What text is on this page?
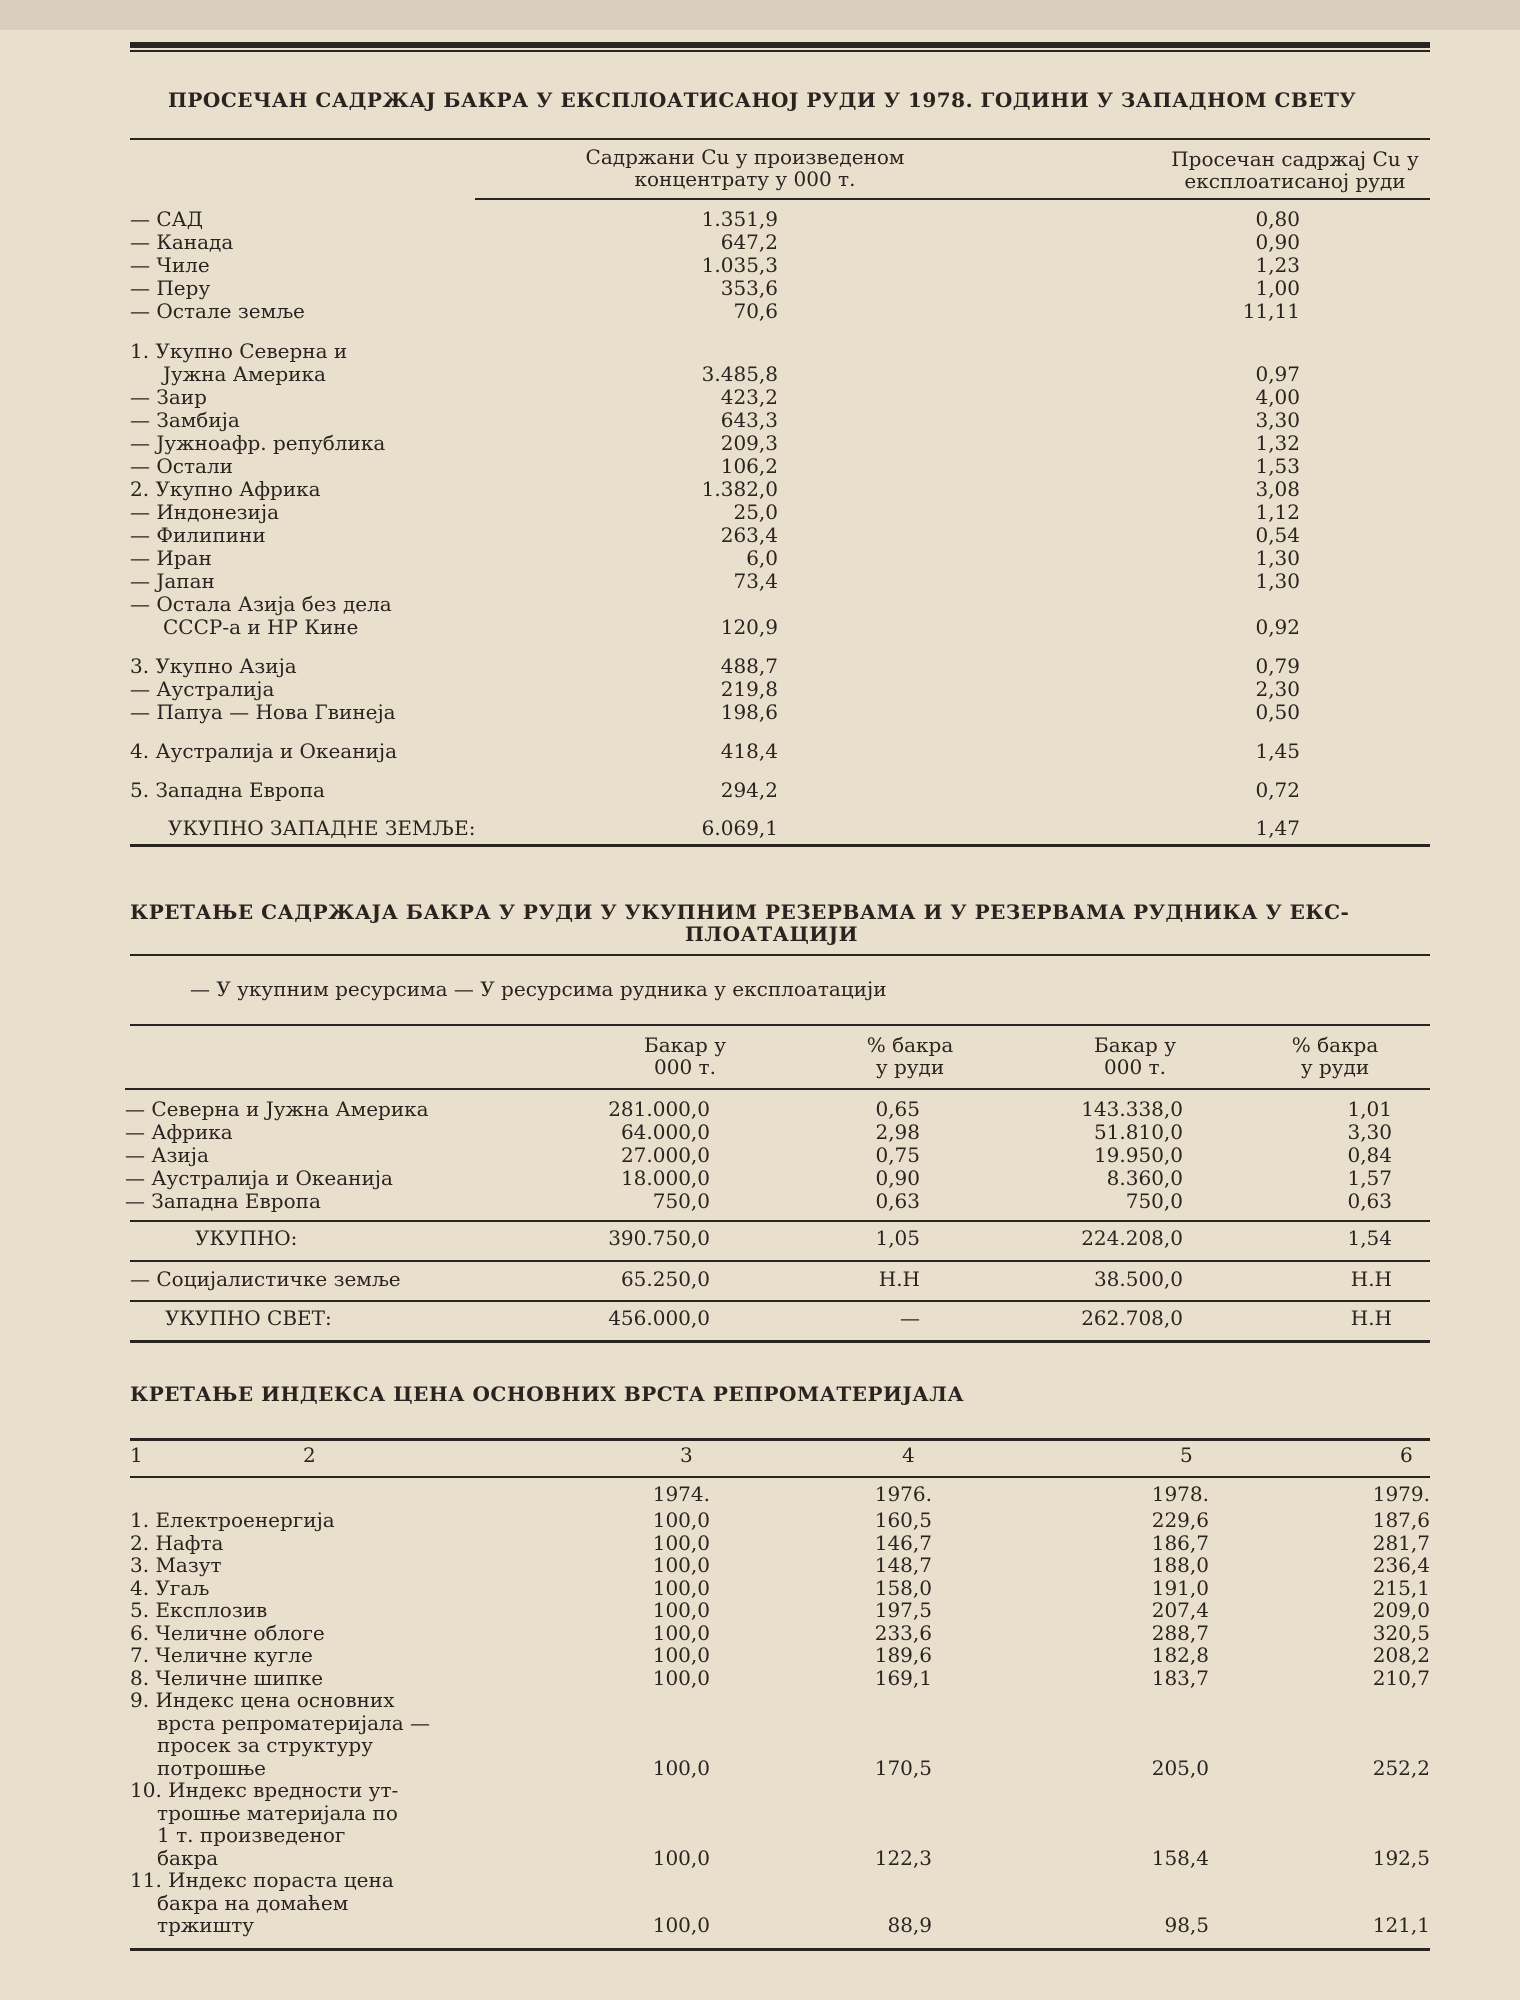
ПРОСЕЧАН САДРЖАЈ БАКРА У ЕКСПЛОАТИСАНОЈ РУДИ У 1978. ГОДИНИ У ЗАПАДНОМ СВЕТУ
Садржани Cu у произведеном
концентрату у 000 т.
Просечан садржај Cu у
експлоатисаној руди
— САД	1.351,9	0,80
— Канада	647,2	0,90
— Чиле	1.035,3	1,23
— Перу	353,6	1,00
— Остале земље	70,6	11,11
1. Укупно Северна и
Јужна Америка	3.485,8	0,97
— Заир	423,2	4,00
— Замбија	643,3	3,30
— Јужноафр. република	209,3	1,32
— Остали	106,2	1,53
2. Укупно Африка	1.382,0	3,08
— Индонезија	25,0	1,12
— Филипини	263,4	0,54
— Иран	6,0	1,30
— Јапан	73,4	1,30
— Остала Азија без дела
СССР-а и НР Кине	120,9	0,92
3. Укупно Азија	488,7	0,79
— Аустралија	219,8	2,30
— Папуа — Нова Гвинеја	198,6	0,50
4. Аустралија и Океанија	418,4	1,45
5. Западна Европа	294,2	0,72
УКУПНО ЗАПАДНЕ ЗЕМЉЕ:	6.069,1	1,47
КРЕТАЊЕ САДРЖАЈА БАКРА У РУДИ У УКУПНИМ РЕЗЕРВАМА И У РЕЗЕРВАМА РУДНИКА У ЕКС-
ПЛОАТАЦИЈИ
— У укупним ресурсима — У ресурсима рудника у експлоатацији
Бакар у
000 т.
% бакра
у руди
Бакар у
000 т.
% бакра
у руди
— Северна и Јужна Америка	281.000,0	0,65	143.338,0	1,01
— Африка	64.000,0	2,98	51.810,0	3,30
— Азија	27.000,0	0,75	19.950,0	0,84
— Аустралија и Океанија	18.000,0	0,90	8.360,0	1,57
— Западна Европа	750,0	0,63	750,0	0,63
УКУПНО:	390.750,0	1,05	224.208,0	1,54
— Социјалистичке земље	65.250,0	Н.Н	38.500,0	Н.Н
УКУПНО СВЕТ:	456.000,0	—	262.708,0	Н.Н
КРЕТАЊЕ ИНДЕКСА ЦЕНА ОСНОВНИХ ВРСТА РЕПРОМАТЕРИЈАЛА
1	2	3	4	5	6
1974.	1976.	1978.	1979.
1. Електроенергија	100,0	160,5	229,6	187,6
2. Нафта	100,0	146,7	186,7	281,7
3. Мазут	100,0	148,7	188,0	236,4
4. Угаљ	100,0	158,0	191,0	215,1
5. Експлозив	100,0	197,5	207,4	209,0
6. Челичне облоге	100,0	233,6	288,7	320,5
7. Челичне кугле	100,0	189,6	182,8	208,2
8. Челичне шипке	100,0	169,1	183,7	210,7
9. Индекс цена основних
врста репроматеријала —
просек за структуру
потрошње	100,0	170,5	205,0	252,2
10. Индекс вредности ут-
трошње материјала по
1 т. произведеног
бакра	100,0	122,3	158,4	192,5
11. Индекс пораста цена
бакра на домаћем
тржишту	100,0	88,9	98,5	121,1
